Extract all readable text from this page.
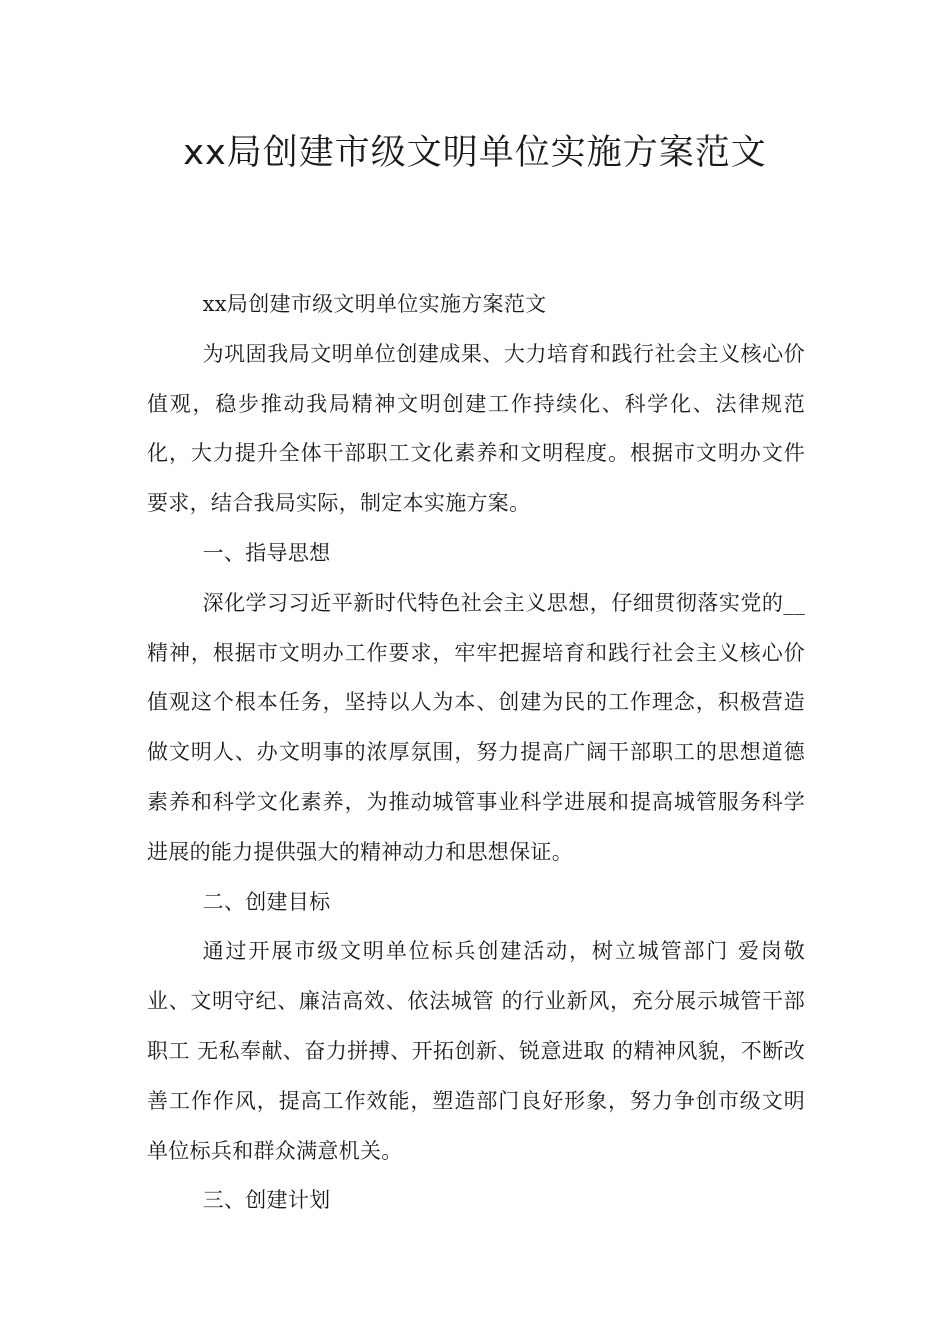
xx局创建市级文明单位实施方案范文

xx局创建市级文明单位实施方案范文

为巩固我局文明单位创建成果、大力培育和践行社会主义核心价值观，稳步推动我局精神文明创建工作持续化、科学化、法律规范化，大力提升全体干部职工文化素养和文明程度。根据市文明办文件要求，结合我局实际，制定本实施方案。

一、指导思想

深化学习习近平新时代特色社会主义思想，仔细贯彻落实党的__精神，根据市文明办工作要求，牢牢把握培育和践行社会主义核心价值观这个根本任务，坚持以人为本、创建为民的工作理念，积极营造做文明人、办文明事的浓厚氛围，努力提高广阔干部职工的思想道德素养和科学文化素养，为推动城管事业科学进展和提高城管服务科学进展的能力提供强大的精神动力和思想保证。

二、创建目标

通过开展市级文明单位标兵创建活动，树立城管部门 爱岗敬业、文明守纪、廉洁高效、依法城管 的行业新风，充分展示城管干部职工 无私奉献、奋力拼搏、开拓创新、锐意进取 的精神风貌，不断改善工作作风，提高工作效能，塑造部门良好形象，努力争创市级文明单位标兵和群众满意机关。

三、创建计划
